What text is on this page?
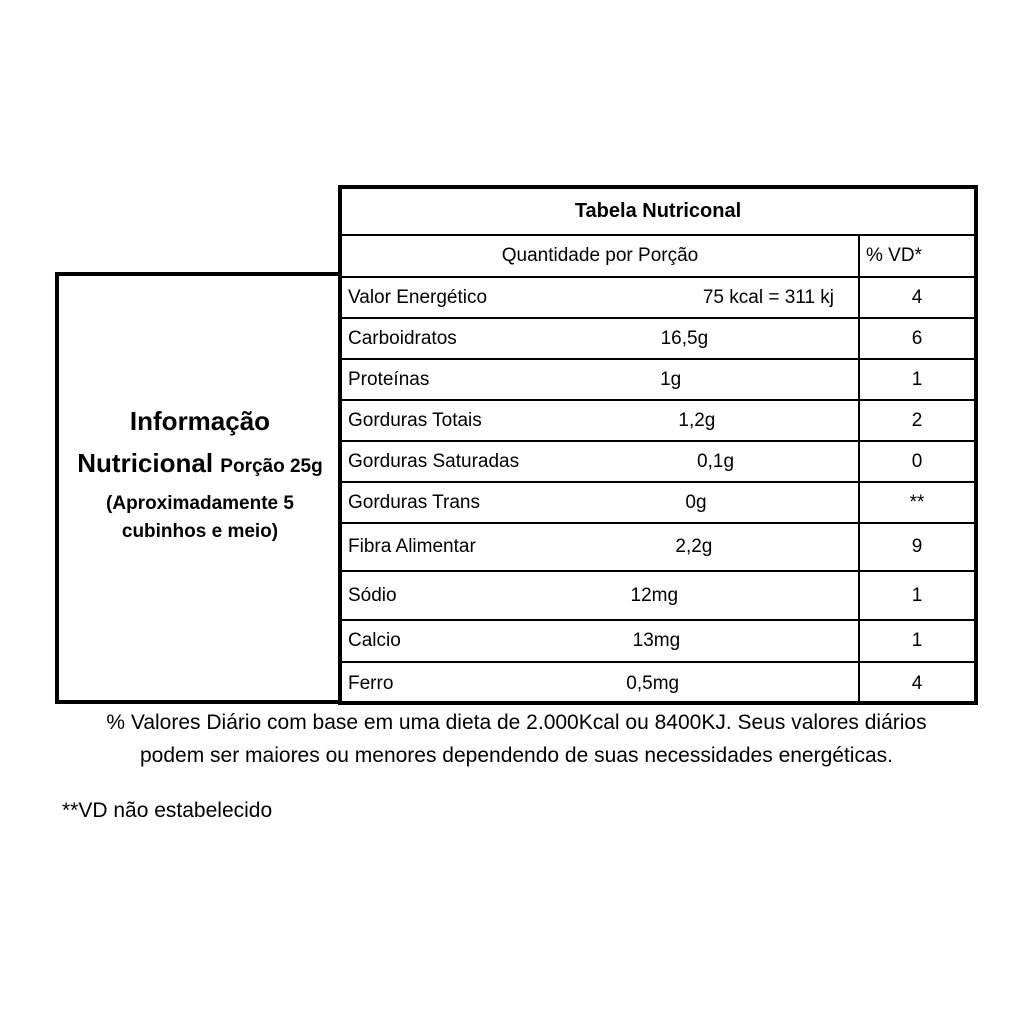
Informação
Nutricional Porção 25g
(Aproximadamente 5 cubinhos e meio)
Tabela Nutriconal	
Quantidade por Porção	% VD*

Valor Energético 75 kcal = 311 kj	4

Carboidratos 16,5g	6

Proteínas 1g	1

Gorduras Totais 1,2g	2

Gorduras Saturadas 0,1g	0

Gorduras Trans 0g	**

Fibra Alimentar 2,2g	9

Sódio 12mg	1

Calcio 13mg	1

Ferro 0,5mg	4
% Valores Diário com base em uma dieta de 2.000Kcal ou 8400KJ. Seus valores diários
podem ser maiores ou menores dependendo de suas necessidades energéticas.
**VD não estabelecido
